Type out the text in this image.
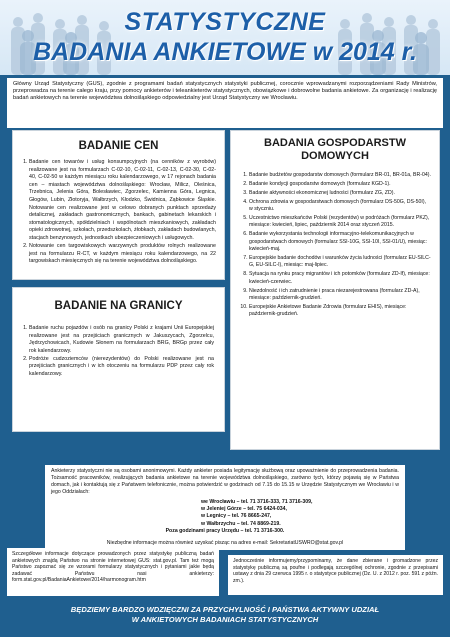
STATYSTYCZNE
BADANIA ANKIETOWE w 2014 r.
Główny Urząd Statystyczny (GUS), zgodnie z programami badań statystycznych statystyki publicznej, corocznie wprowadzanymi rozporządzeniami Rady Ministrów, przeprowadza na terenie całego kraju, przy pomocy ankieterów i teleankieterów statystycznych, obowiązkowe i dobrowolne badania ankietowe. Za organizację i realizację badań ankietowych na terenie województwa dolnośląskiego odpowiedzialny jest Urząd Statystyczny we Wrocławiu.
BADANIE CEN
1. Badanie cen towarów i usług konsumpcyjnych (na cenników z wyrobów) realizowane jest na formularzach C-02-10, C-02-11, C-02-13, C-02-30, C-02-40, C-02-50 w każdym miesiącu roku kalendarzowego, w 17 rejonach badania cen – miastach województwa dolnośląskiego: Wrocław, Milicz, Oleśnica, Trzebnica, Jelenia Góra, Bolesławiec, Zgorzelec, Kamienna Góra, Legnica, Głogów, Lubin, Złotoryja, Wałbrzych, Kłodzko, Świdnica, Ząbkowice Śląskie. Notowanie cen realizowane jest w celowo dobranych punktach sprzedaży detalicznej, zakładach gastronomicznych, bankach, gabinetach lekarskich i stomatologicznych, spółdzielniach i wspólnotach mieszkaniowych, zakładach opieki zdrowotnej, szkołach, przedszkolach, żłobkach, zakładach budowlanych, stacjach benzynowych, jednostkach ubezpieczeniowych i usługowych.
2. Notowanie cen targowiskowych warzywnych produktów rolnych realizowane jest na formularzu R-CT, w każdym miesiącu roku kalendarzowego, na 22 targowiskach miesięcznych się na terenie województwa dolnośląskiego.
BADANIE NA GRANICY
1. Badanie ruchu pojazdów i osób na granicy Polski z krajami Unii Europejskiej realizowane jest na przejściach granicznych w Jakuszycach, Zgorzelcu, Jędrzychowicach, Kudowie Słonem na formularzach BRG, BRGp przez cały rok kalendarzowy.
2. Podróże cudzoziemców (nierezydentów) do Polski realizowane jest na przejściach granicznych i w ich otoczeniu na formularzu PDP przez cały rok kalendarzowy.
BADANIA GOSPODARSTW DOMOWYCH
1. Badanie budżetów gospodarstw domowych (formularz BR-01, BR-01a, BR-04).
2. Badanie kondycji gospodarstw domowych (formularz KGD-1).
3. Badanie aktywności ekonomicznej ludności (formularz ZG, ZD).
4. Ochrona zdrowia w gospodarstwach domowych (formularz DS-50G, DS-50I), w styczniu.
5. Uczestnictwo mieszkańców Polski (rezydentów) w podróżach (formularz PKZ), miesiące: kwiecień, lipiec, październik 2014 oraz styczeń 2015.
6. Badanie wykorzystania technologii informacyjno-telekomunikacyjnych w gospodarstwach domowych (formularz SSI-10G, SSI-10I, SSI-01/U), miesiąc: kwiecień-maj.
7. Europejskie badanie dochodów i warunków życia ludności (formularz EU-SILC-G, EU-SILC-I), miesiąc: maj-lipiec.
8. Sytuacja na rynku pracy migrantów i ich potomków (formularz ZD-If), miesiące: kwiecień-czerwiec.
9. Niezdolność i ich zatrudnienie i praca niezarejestrowana (formularz ZD-A), miesiące: październik-grudzień.
10. Europejskie Ankietowe Badanie Zdrowia (formularz EHIS), miesiące: październik-grudzień.

Ankieterzy statystyczni nie są osobami anonimowymi. Każdy ankieter posiada legitymację służbową oraz upoważnienie do przeprowadzenia badania. Tożsamość pracowników, realizujących badania ankietowe na terenie województwa dolnośląskiego, zarówno tych, którzy pojawią się w Państwa domach, jak i kontaktują się z Państwem telefonicznie, można potwierdzić w godzinach od 7.15 do 15.15 w Urzędzie Statystycznym we Wrocławiu i w jego Oddziałach:

we Wrocławiu – tel. 71 3716-333, 71 3716-309,
w Jeleniej Górze – tel. 75 6424-034,
w Legnicy – tel. 76 8665-247,
w Wałbrzychu – tel. 74 8869-219.
Poza godzinami pracy Urzędu – tel. 71 3716-300.
Niezbędne informacje można również uzyskać pisząc na adres e-mail: SekretariatUSWRO@stat.gov.pl
Szczegółowe informacje dotyczące prowadzonych przez statystykę publiczną badań ankietowych znajdą Państwo na stronie internetowej GUS: stat.gov.pl. Tam też mogą Państwo zapoznać się ze wzorami formularzy statystycznych i pytaniami jakie będą zadawać Państwu nasi ankieterzy: form.stat.gov.pl/BadaniaAnkietowe/2014/harmonogram.htm
Jednocześnie informujemy/przypominamy, że dane zbierane i gromadzone przez statystykę publiczną są poufne i podlegają szczególnej ochronie, zgodnie z przepisami ustawy z dnia 29 czerwca 1995 r. o statystyce publicznej (Dz. U. z 2012 r. poz. 591 z późn. zm.).
BĘDZIEMY BARDZO WDZIĘCZNI ZA PRZYCHYLNOŚĆ I PAŃSTWA AKTYWNY UDZIAŁ
W ANKIETOWYCH BADANIACH STATYSTYCZNYCH
